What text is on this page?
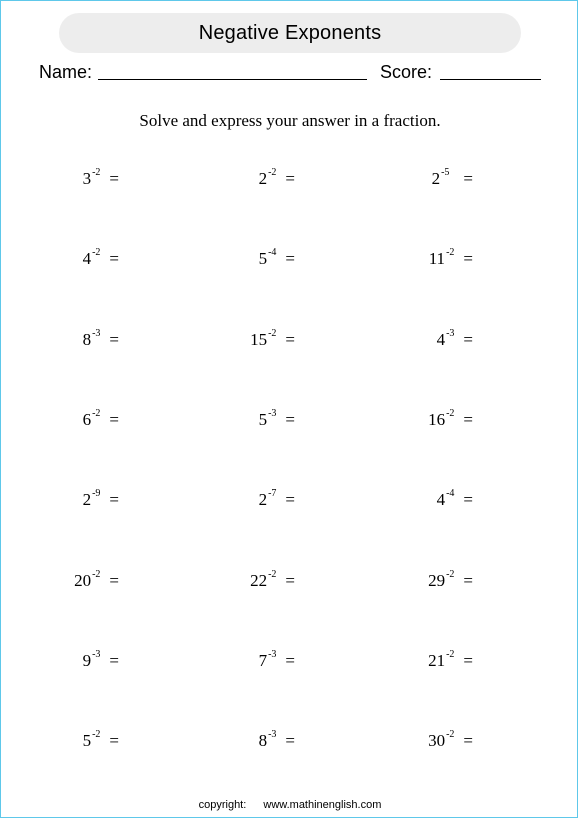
Negative Exponents
Name:	Score:
Solve and express your answer in a fraction.
$3^{-2}$ =	$2^{-2}$ =	$2^{-5}$ =
$4^{-2}$ =	$5^{-4}$ =	$11^{-2}$ =
$8^{-3}$ =	$15^{-2}$ =	$4^{-3}$ =
$6^{-2}$ =	$5^{-3}$ =	$16^{-2}$ =
$2^{-9}$ =	$2^{-7}$ =	$4^{-4}$ =
$20^{-2}$ =	$22^{-2}$ =	$29^{-2}$ =
$9^{-3}$ =	$7^{-3}$ =	$21^{-2}$ =
$5^{-2}$ =	$8^{-3}$ =	$30^{-2}$ =
copyright: www.mathinenglish.com
